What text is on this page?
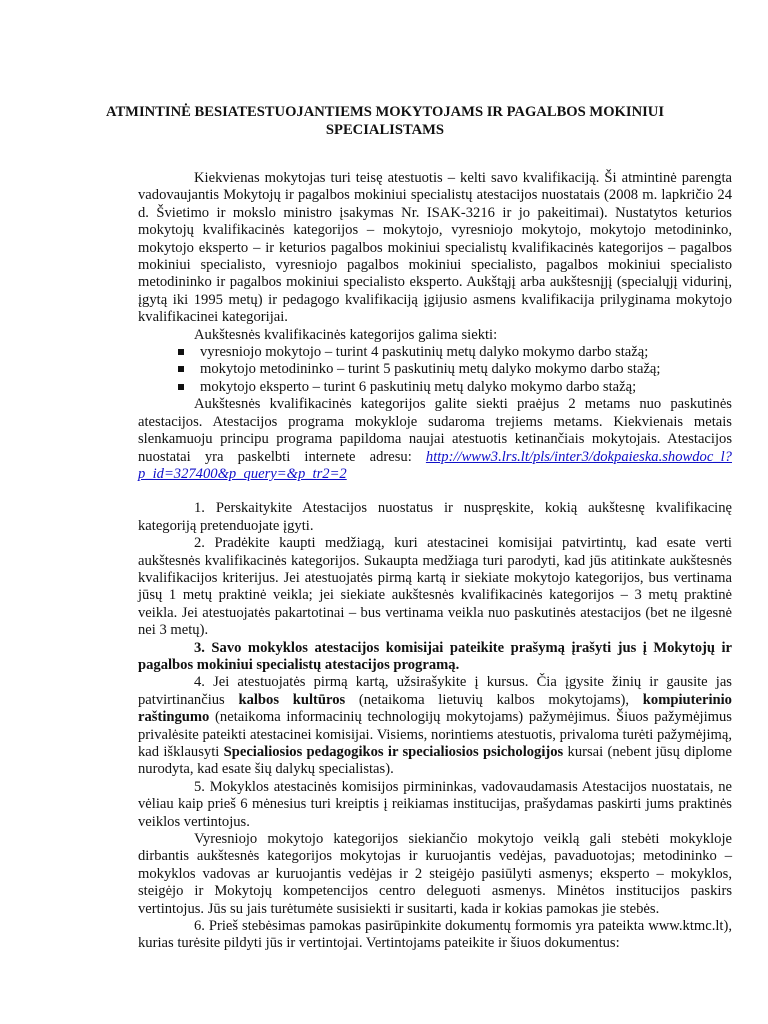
ATMINTINĖ BESIATESTUOJANTIEMS MOKYTOJAMS IR PAGALBOS MOKINIUI SPECIALISTAMS

Kiekvienas mokytojas turi teisę atestuotis – kelti savo kvalifikaciją. Ši atmintinė parengta vadovaujantis Mokytojų ir pagalbos mokiniui specialistų atestacijos nuostatais (2008 m. lapkričio 24 d. Švietimo ir mokslo ministro įsakymas Nr. ISAK-3216 ir jo pakeitimai). Nustatytos keturios mokytojų kvalifikacinės kategorijos – mokytojo, vyresniojo mokytojo, mokytojo metodininko, mokytojo eksperto – ir keturios pagalbos mokiniui specialistų kvalifikacinės kategorijos – pagalbos mokiniui specialisto, vyresniojo pagalbos mokiniui specialisto, pagalbos mokiniui specialisto metodininko ir pagalbos mokiniui specialisto eksperto. Aukštąjį arba aukštesnįjį (specialųjį vidurinį, įgytą iki 1995 metų) ir pedagogo kvalifikaciją įgijusio asmens kvalifikacija prilyginama mokytojo kvalifikacinei kategorijai.

Aukštesnės kvalifikacinės kategorijos galima siekti:

vyresniojo mokytojo – turint 4 paskutinių metų dalyko mokymo darbo stažą;
mokytojo metodininko – turint 5 paskutinių metų dalyko mokymo darbo stažą;
mokytojo eksperto – turint 6 paskutinių metų dalyko mokymo darbo stažą;

Aukštesnės kvalifikacinės kategorijos galite siekti praėjus 2 metams nuo paskutinės atestacijos. Atestacijos programa mokykloje sudaroma trejiems metams. Kiekvienais metais slenkamuoju principu programa papildoma naujai atestuotis ketinančiais mokytojais. Atestacijos nuostatai yra paskelbti internete adresu: http://www3.lrs.lt/pls/inter3/dokpaieska.showdoc_l?p_id=327400&p_query=&p_tr2=2

1. Perskaitykite Atestacijos nuostatus ir nuspręskite, kokią aukštesnę kvalifikacinę kategoriją pretenduojate įgyti.

2. Pradėkite kaupti medžiagą, kuri atestacinei komisijai patvirtintų, kad esate verti aukštesnės kvalifikacinės kategorijos. Sukaupta medžiaga turi parodyti, kad jūs atitinkate aukštesnės kvalifikacijos kriterijus. Jei atestuojatės pirmą kartą ir siekiate mokytojo kategorijos, bus vertinama jūsų 1 metų praktinė veikla; jei siekiate aukštesnės kvalifikacinės kategorijos – 3 metų praktinė veikla. Jei atestuojatės pakartotinai – bus vertinama veikla nuo paskutinės atestacijos (bet ne ilgesnė nei 3 metų).

3. Savo mokyklos atestacijos komisijai pateikite prašymą įrašyti jus į Mokytojų ir pagalbos mokiniui specialistų atestacijos programą.

4. Jei atestuojatės pirmą kartą, užsirašykite į kursus. Čia įgysite žinių ir gausite jas patvirtinančius kalbos kultūros (netaikoma lietuvių kalbos mokytojams), kompiuterinio raštingumo (netaikoma informacinių technologijų mokytojams) pažymėjimus. Šiuos pažymėjimus privalėsite pateikti atestacinei komisijai. Visiems, norintiems atestuotis, privaloma turėti pažymėjimą, kad išklausyti Specialiosios pedagogikos ir specialiosios psichologijos kursai (nebent jūsų diplome nurodyta, kad esate šių dalykų specialistas).

5. Mokyklos atestacinės komisijos pirmininkas, vadovaudamasis Atestacijos nuostatais, ne vėliau kaip prieš 6 mėnesius turi kreiptis į reikiamas institucijas, prašydamas paskirti jums praktinės veiklos vertintojus.

Vyresniojo mokytojo kategorijos siekiančio mokytojo veiklą gali stebėti mokykloje dirbantis aukštesnės kategorijos mokytojas ir kuruojantis vedėjas, pavaduotojas; metodininko – mokyklos vadovas ar kuruojantis vedėjas ir 2 steigėjo pasiūlyti asmenys; ekspertо – mokyklos, steigėjo ir Mokytojų kompetencijos centro deleguoti asmenys. Minėtos institucijos paskirs vertintojus. Jūs su jais turėtumėte susisiekti ir susitarti, kada ir kokias pamokas jie stebės.

6. Prieš stebėsimas pamokas pasirūpinkite dokumentų formomis yra pateikta www.ktmc.lt), kurias turėsite pildyti jūs ir vertintojai. Vertintojams pateikite ir šiuos dokumentus:
